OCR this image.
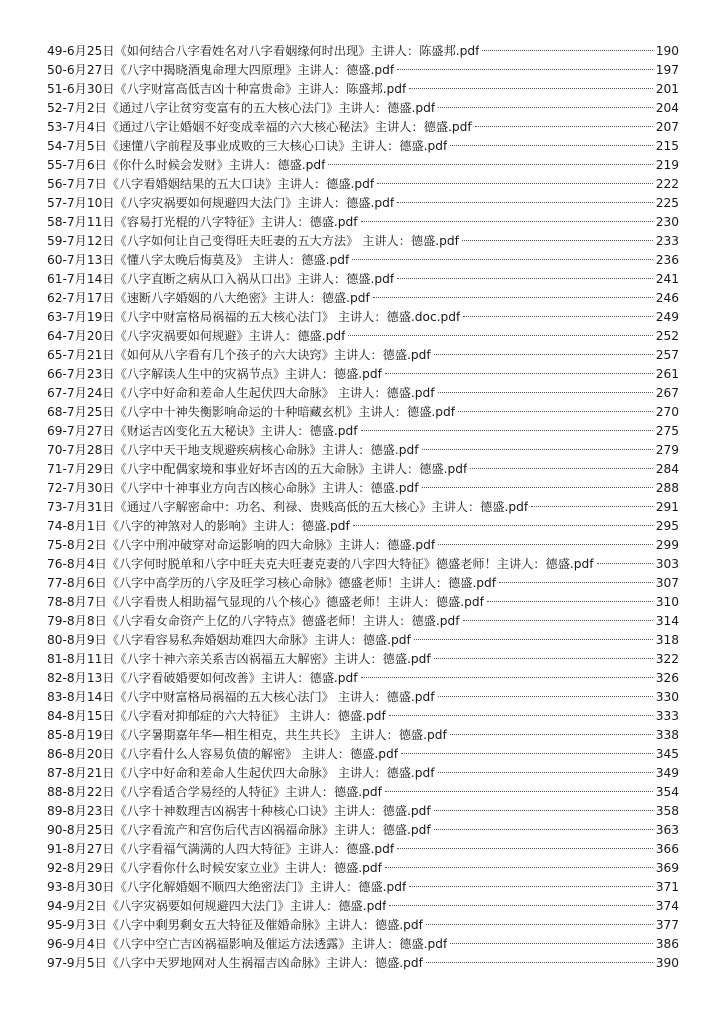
49-6月25日《如何结合八字看姓名对八字看姻缘何时出现》主讲人：陈盛邦.pdf	190
50-6月27日《八字中揭晓酒鬼命理大四原理》主讲人：德盛.pdf	197
51-6月30日《八字财富高低吉凶十种富贵命》主讲人：陈盛邦.pdf	201
52-7月2日《通过八字让贫穷变富有的五大核心法门》主讲人：德盛.pdf	204
53-7月4日《通过八字让婚姻不好变成幸福的六大核心秘法》主讲人：德盛.pdf	207
54-7月5日《速懂八字前程及事业成败的三大核心口诀》主讲人：德盛.pdf	215
55-7月6日《你什么时候会发财》主讲人：德盛.pdf	219
56-7月7日《八字看婚姻结果的五大口诀》主讲人：德盛.pdf	222
57-7月10日《八字灾祸要如何规避四大法门》主讲人：德盛.pdf	225
58-7月11日《容易打光棍的八字特征》主讲人：德盛.pdf	230
59-7月12日《八字如何让自己变得旺夫旺妻的五大方法》 主讲人：德盛.pdf	233
60-7月13日《懂八字太晚后悔莫及》 主讲人：德盛.pdf	236
61-7月14日《八字直断之病从口入祸从口出》主讲人：德盛.pdf	241
62-7月17日《速断八字婚姻的八大绝密》主讲人：德盛.pdf	246
63-7月19日《八字中财富格局祸福的五大核心法门》 主讲人：德盛.doc.pdf	249
64-7月20日《八字灾祸要如何规避》主讲人：德盛.pdf	252
65-7月21日《如何从八字看有几个孩子的六大诀窍》主讲人：德盛.pdf	257
66-7月23日《八字解读人生中的灾祸节点》主讲人：德盛.pdf	261
67-7月24日《八字中好命和差命人生起伏四大命脉》 主讲人：德盛.pdf	267
68-7月25日《八字中十神失衡影响命运的十种暗藏玄机》主讲人：德盛.pdf	270
69-7月27日《财运吉凶变化五大秘诀》主讲人：德盛.pdf	275
70-7月28日《八字中天干地支规避疾病核心命脉》主讲人：德盛.pdf	279
71-7月29日《八字中配偶家境和事业好坏吉凶的五大命脉》主讲人：德盛.pdf	284
72-7月30日《八字中十神事业方向吉凶核心命脉》主讲人：德盛.pdf	288
73-7月31日《通过八字解密命中：功名、利禄、贵贱高低的五大核心》主讲人：德盛.pdf	291
74-8月1日《八字的神煞对人的影响》主讲人：德盛.pdf	295
75-8月2日《八字中刑冲破穿对命运影响的四大命脉》主讲人：德盛.pdf	299
76-8月4日《八字何时脱单和八字中旺夫克夫旺妻克妻的八字四大特征》德盛老师！主讲人：德盛.pdf	303
77-8月6日《八字中高学历的八字及旺学习核心命脉》德盛老师！主讲人：德盛.pdf	307
78-8月7日《八字看贵人相助福气显现的八个核心》德盛老师！主讲人：德盛.pdf	310
79-8月8日《八字看女命资产上亿的八字特点》德盛老师！主讲人：德盛.pdf	314
80-8月9日《八字看容易私奔婚姻劫难四大命脉》主讲人：德盛.pdf	318
81-8月11日《八字十神六亲关系吉凶祸福五大解密》主讲人：德盛.pdf	322
82-8月13日《八字看破婚要如何改善》主讲人：德盛.pdf	326
83-8月14日《八字中财富格局祸福的五大核心法门》 主讲人：德盛.pdf	330
84-8月15日《八字看对抑郁症的六大特征》 主讲人：德盛.pdf	333
85-8月19日《八字暑期嘉年华—相生相克，共生共长》 主讲人：德盛.pdf	338
86-8月20日《八字看什么人容易负债的解密》 主讲人：德盛.pdf	345
87-8月21日《八字中好命和差命人生起伏四大命脉》 主讲人：德盛.pdf	349
88-8月22日《八字看适合学易经的人特征》主讲人：德盛.pdf	354
89-8月23日《八字十神数理吉凶祸害十种核心口诀》主讲人：德盛.pdf	358
90-8月25日《八字看流产和宫伤后代吉凶祸福命脉》主讲人：德盛.pdf	363
91-8月27日《八字看福气满满的人四大特征》主讲人：德盛.pdf	366
92-8月29日《八字看你什么时候安家立业》主讲人：德盛.pdf	369
93-8月30日《八字化解婚姻不顺四大绝密法门》主讲人：德盛.pdf	371
94-9月2日《八字灾祸要如何规避四大法门》主讲人：德盛.pdf	374
95-9月3日《八字中剩男剩女五大特征及催婚命脉》主讲人：德盛.pdf	377
96-9月4日《八字中空亡吉凶祸福影响及催运方法透露》主讲人：德盛.pdf	386
97-9月5日《八字中天罗地网对人生祸福吉凶命脉》主讲人：德盛.pdf	390
